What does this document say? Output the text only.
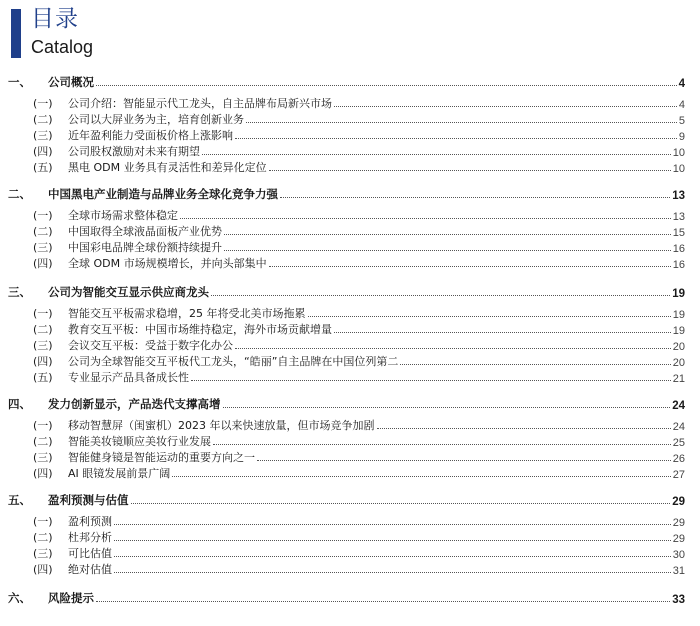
目录
Catalog
一、	公司概况	4
(一)	公司介绍：智能显示代工龙头，自主品牌布局新兴市场	4
(二)	公司以大屏业务为主，培育创新业务	5
(三)	近年盈利能力受面板价格上涨影响	9
(四)	公司股权激励对未来有期望	10
(五)	黑电 ODM 业务具有灵活性和差异化定位	10
二、	中国黑电产业制造与品牌业务全球化竞争力强	13
(一)	全球市场需求整体稳定	13
(二)	中国取得全球液晶面板产业优势	15
(三)	中国彩电品牌全球份额持续提升	16
(四)	全球 ODM 市场规模增长，并向头部集中	16
三、	公司为智能交互显示供应商龙头	19
(一)	智能交互平板需求稳增，25 年将受北美市场拖累	19
(二)	教育交互平板：中国市场维持稳定，海外市场贡献增量	19
(三)	会议交互平板：受益于数字化办公	20
(四)	公司为全球智能交互平板代工龙头，“皓丽”自主品牌在中国位列第二	20
(五)	专业显示产品具备成长性	21
四、	发力创新显示，产品迭代支撑高增	24
(一)	移动智慧屏（闺蜜机）2023 年以来快速放量，但市场竞争加剧	24
(二)	智能美妆镜顺应美妆行业发展	25
(三)	智能健身镜是智能运动的重要方向之一	26
(四)	AI 眼镜发展前景广阔	27
五、	盈利预测与估值	29
(一)	盈利预测	29
(二)	杜邦分析	29
(三)	可比估值	30
(四)	绝对估值	31
六、	风险提示	33
